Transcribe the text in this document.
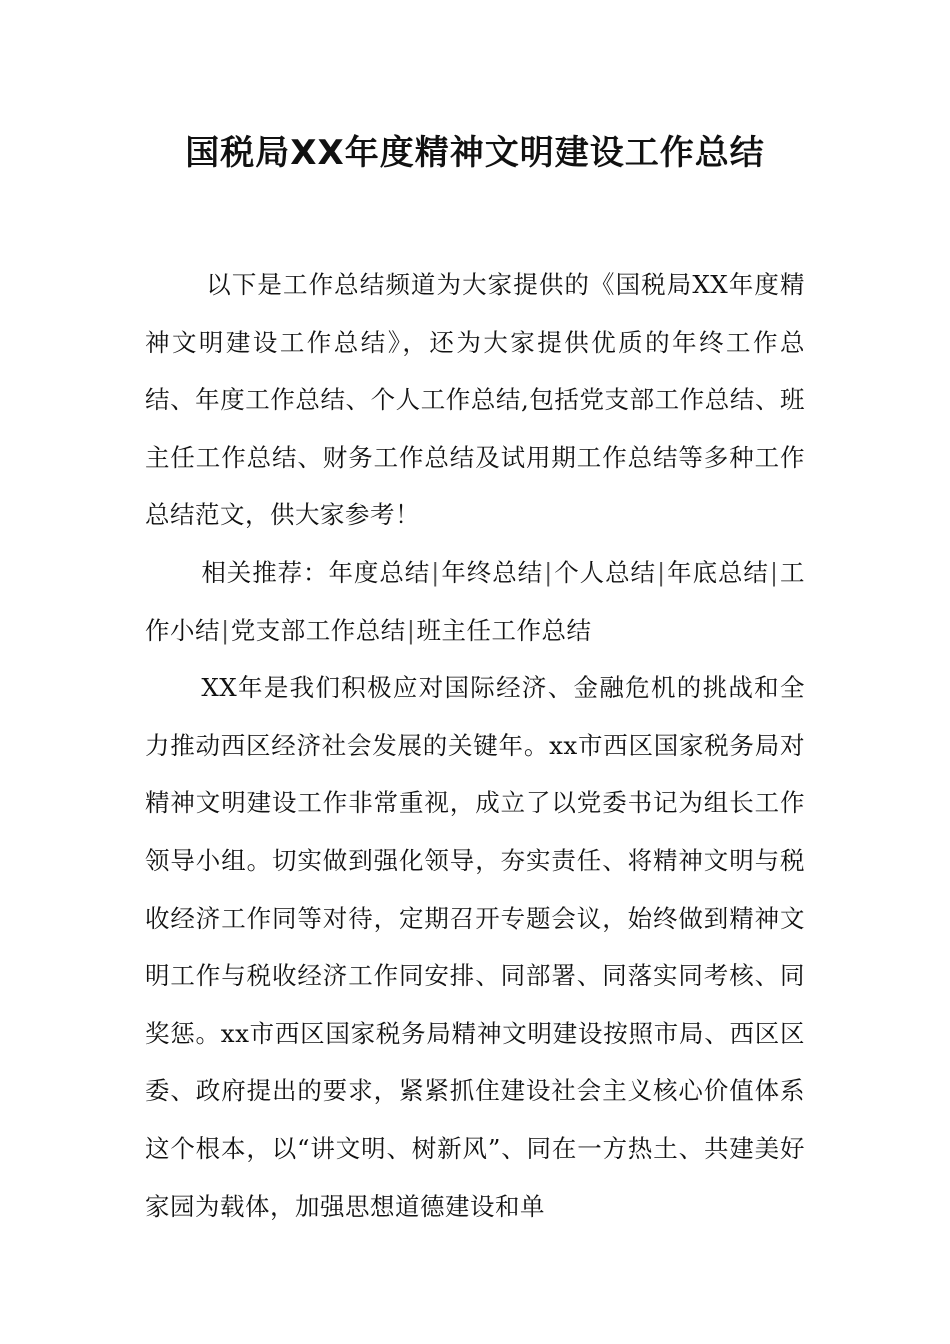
国税局XX年度精神文明建设工作总结

以下是工作总结频道为大家提供的《国税局XX年度精神文明建设工作总结》，还为大家提供优质的年终工作总结、年度工作总结、个人工作总结,包括党支部工作总结、班主任工作总结、财务工作总结及试用期工作总结等多种工作总结范文，供大家参考！

相关推荐：年度总结|年终总结|个人总结|年底总结|工作小结|党支部工作总结|班主任工作总结

XX年是我们积极应对国际经济、金融危机的挑战和全力推动西区经济社会发展的关键年。xx市西区国家税务局对精神文明建设工作非常重视，成立了以党委书记为组长工作领导小组。切实做到强化领导，夯实责任、将精神文明与税收经济工作同等对待，定期召开专题会议，始终做到精神文明工作与税收经济工作同安排、同部署、同落实同考核、同奖惩。xx市西区国家税务局精神文明建设按照市局、西区区委、政府提出的要求，紧紧抓住建设社会主义核心价值体系这个根本，以“讲文明、树新风”、同在一方热土、共建美好家园为载体，加强思想道德建设和单
